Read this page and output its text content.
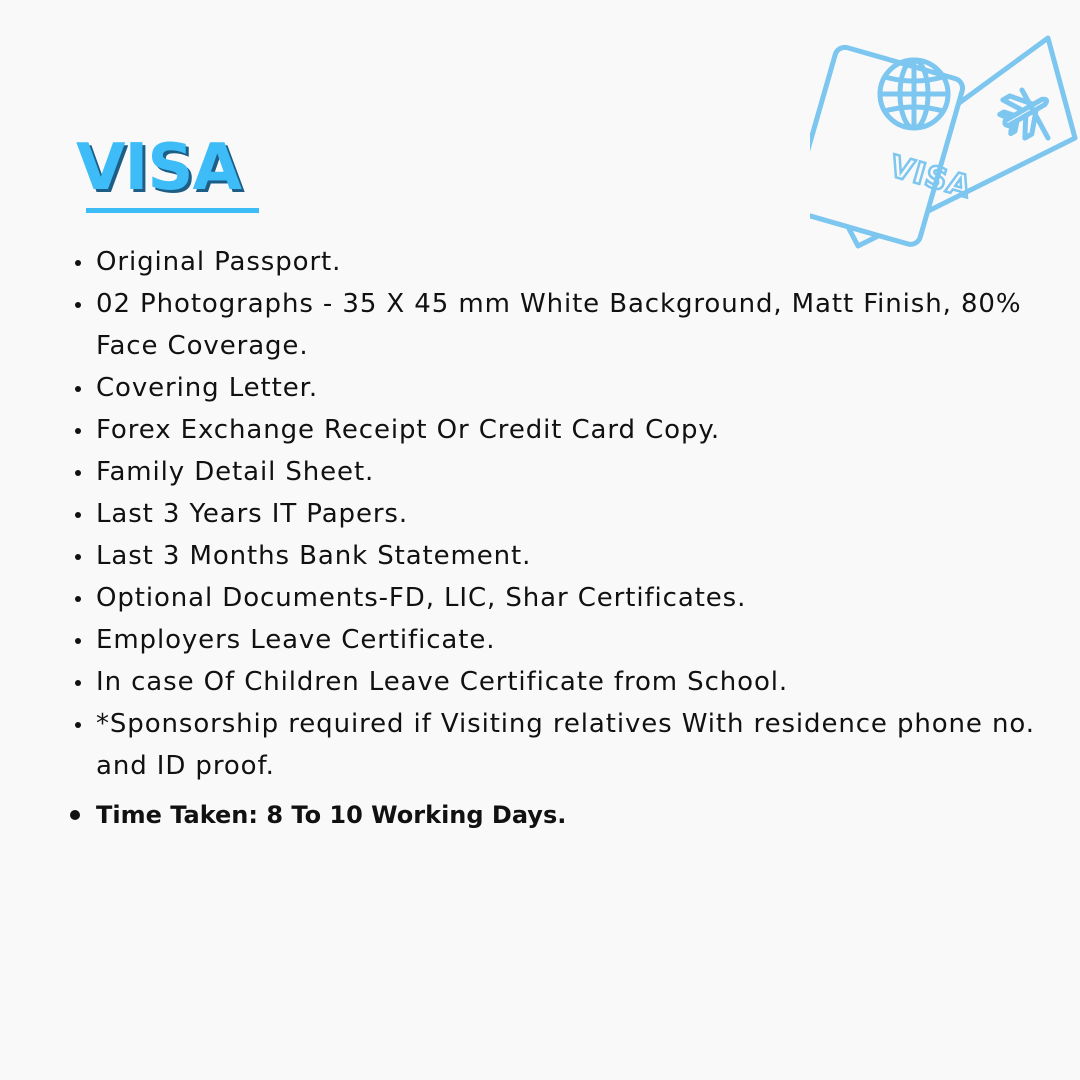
VISA	VISA
Original Passport.
02 Photographs - 35 X 45 mm White Background, Matt Finish, 80% Face Coverage.
Covering Letter.
Forex Exchange Receipt Or Credit Card Copy.
Family Detail Sheet.
Last 3 Years IT Papers.
Last 3 Months Bank Statement.
Optional Documents-FD, LIC, Shar Certificates.
Employers Leave Certificate.
In case Of Children Leave Certificate from School.
*Sponsorship required if Visiting relatives With residence phone no. and ID proof.
Time Taken: 8 To 10 Working Days.
